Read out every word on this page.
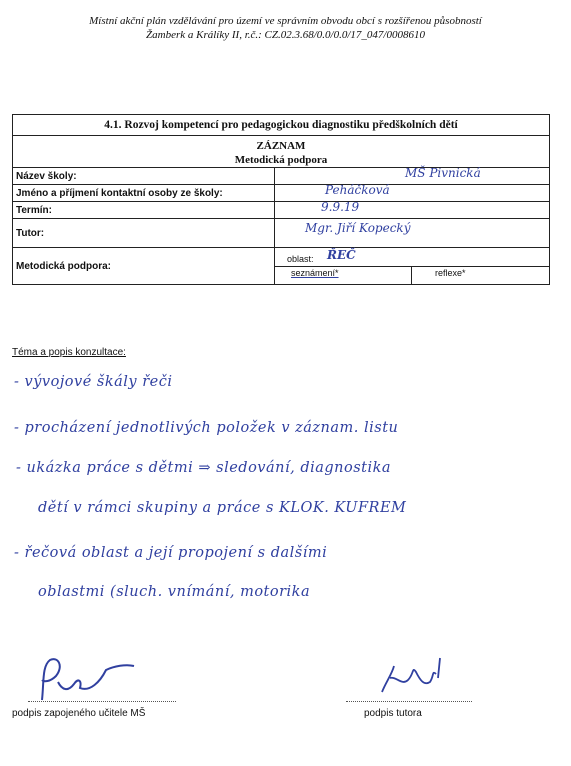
Místní akční plán vzdělávání pro území ve správním obvodu obcí s rozšířenou působností
Žamberk a Králíky II, r.č.: CZ.02.3.68/0.0/0.0/17_047/0008610
4.1. Rozvoj kompetencí pro pedagogickou diagnostiku předškolních dětí
ZÁZNAM
Metodická podpora
Název školy:	MŠ Pivnická
Jméno a příjmení kontaktní osoby ze školy:	Peháčková
Termín:	9.9.19
Tutor:	Mgr. Jiří Kopecký
Metodická podpora:
oblast: ŘEČ
seznámení*	reflexe*
Téma a popis konzultace:
- vývojové škály řeči
- procházení jednotlivých položek v záznam. listu
- ukázka práce s dětmi ⇒ sledování, diagnostika
dětí v rámci skupiny a práce s KLOK. KUFREM
- řečová oblast a její propojení s dalšími
oblastmi (sluch. vnímání, motorika
podpis zapojeného učitele MŠ	podpis tutora
